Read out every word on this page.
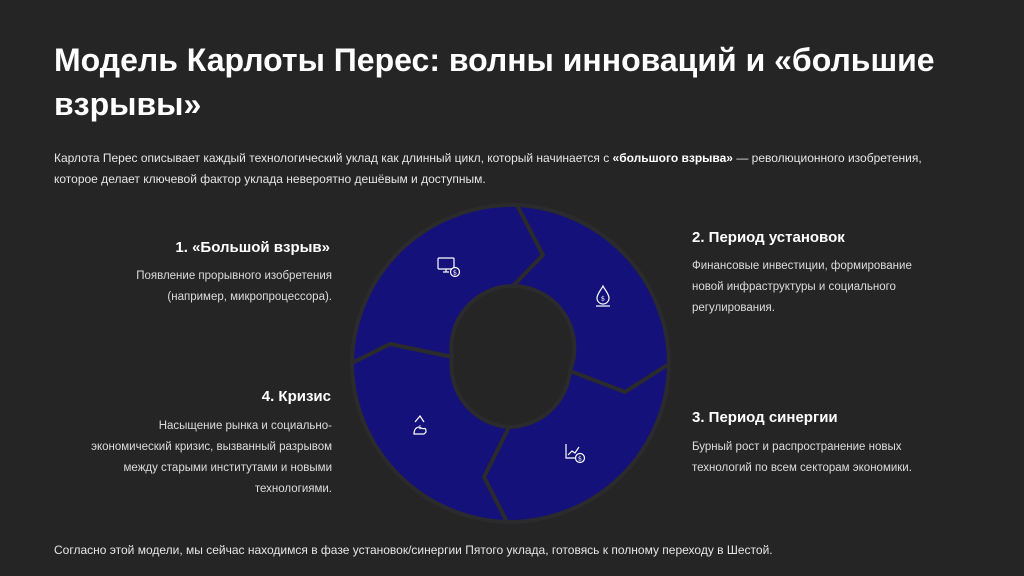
Модель Карлоты Перес: волны инноваций и «большие взрывы»
Карлота Перес описывает каждый технологический уклад как длинный цикл, который начинается с «большого взрыва» — революционного изобретения, которое делает ключевой фактор уклада невероятно дешёвым и доступным.
1. «Большой взрыв»
Появление прорывного изобретения
(например, микропроцессора).
2. Период установок
Финансовые инвестиции, формирование
новой инфраструктуры и социального
регулирования.
3. Период синергии
Бурный рост и распространение новых
технологий по всем секторам экономики.
4. Кризис
Насыщение рынка и социально-
экономический кризис, вызванный разрывом
между старыми институтами и новыми
технологиями.
$
$
$
$
Согласно этой модели, мы сейчас находимся в фазе установок/синергии Пятого уклада, готовясь к полному переходу в Шестой.
